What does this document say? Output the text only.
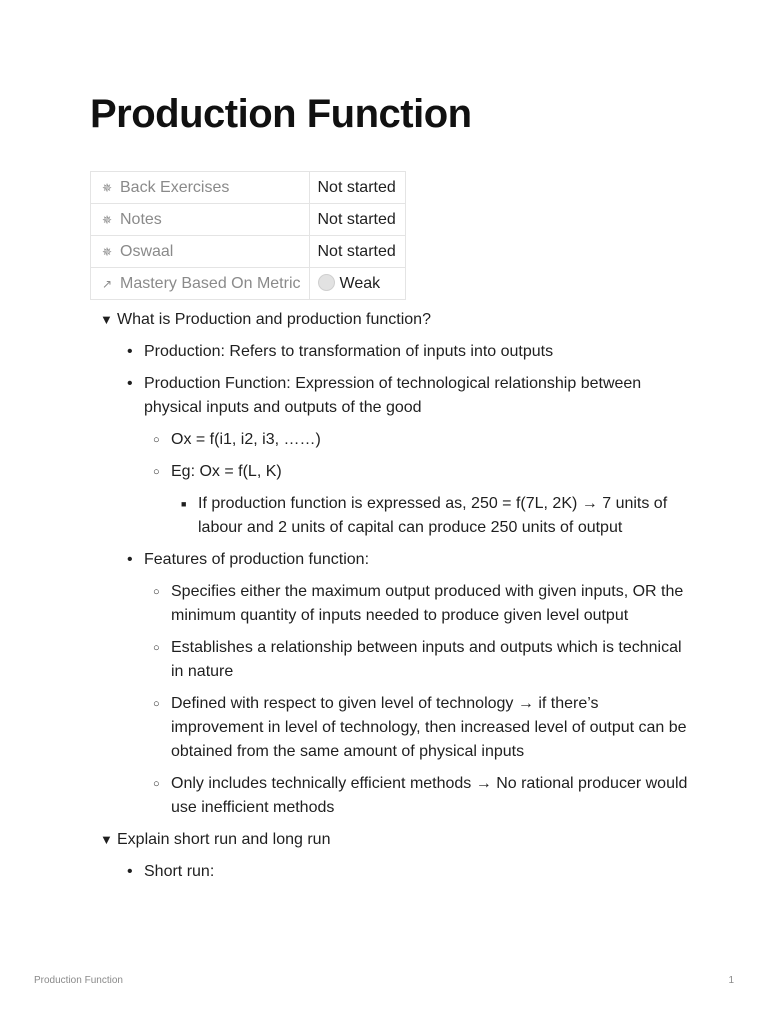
Production Function
✵ Back Exercises	Not started
✵ Notes	Not started
✵ Oswaal	Not started
↗ Mastery Based On Metric	Weak
▼ What is Production and production function?
• Production: Refers to transformation of inputs into outputs
• Production Function: Expression of technological relationship between physical inputs and outputs of the good
○ Ox = f(i1, i2, i3, ……)
○ Eg: Ox = f(L, K)
■ If production function is expressed as, 250 = f(7L, 2K) → 7 units of labour and 2 units of capital can produce 250 units of output
• Features of production function:
○ Specifies either the maximum output produced with given inputs, OR the minimum quantity of inputs needed to produce given level output
○ Establishes a relationship between inputs and outputs which is technical in nature
○ Defined with respect to given level of technology → if there’s improvement in level of technology, then increased level of output can be obtained from the same amount of physical inputs
○ Only includes technically efficient methods → No rational producer would use inefficient methods
▼ Explain short run and long run
• Short run:
Production Function	1
